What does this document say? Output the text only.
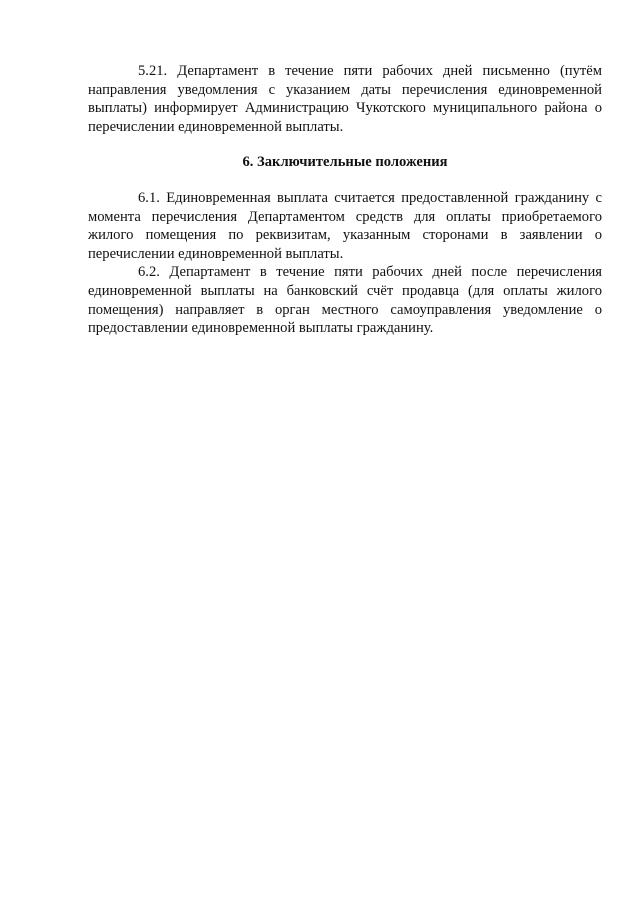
5.21. Департамент в течение пяти рабочих дней письменно (путём направления уведомления с указанием даты перечисления единовременной выплаты) информирует Администрацию Чукотского муниципального района о перечислении единовременной выплаты.

6. Заключительные положения

6.1. Единовременная выплата считается предоставленной гражданину с момента перечисления Департаментом средств для оплаты приобретаемого жилого помещения по реквизитам, указанным сторонами в заявлении о перечислении единовременной выплаты.

6.2. Департамент в течение пяти рабочих дней после перечисления единовременной выплаты на банковский счёт продавца (для оплаты жилого помещения) направляет в орган местного самоуправления уведомление о предоставлении единовременной выплаты гражданину.
